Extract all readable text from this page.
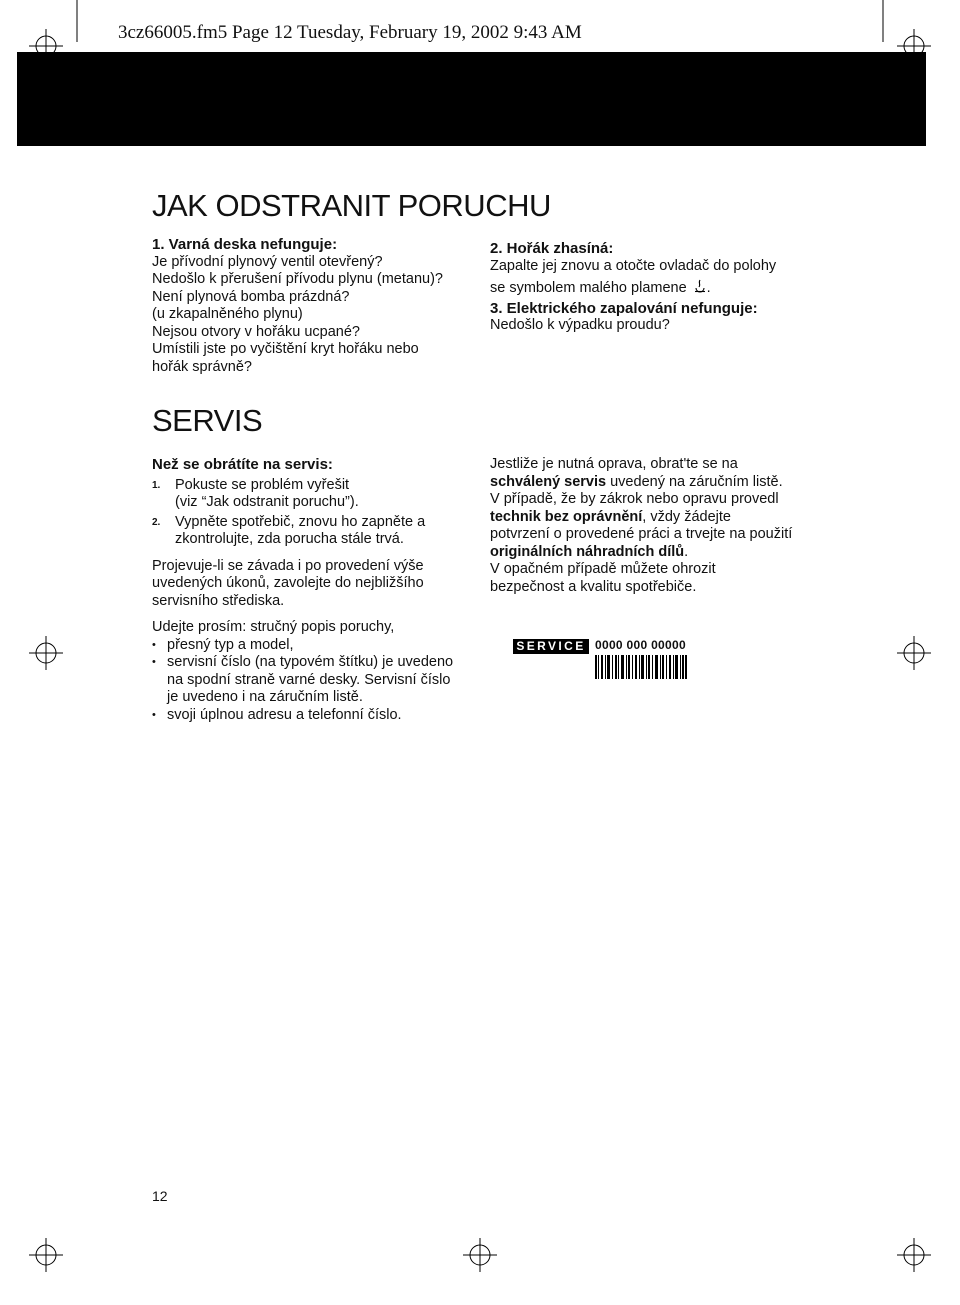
3cz66005.fm5 Page 12 Tuesday, February 19, 2002 9:43 AM
JAK ODSTRANIT PORUCHU

1. Varná deska nefunguje:

Je přívodní plynový ventil otevřený?

Nedošlo k přerušení přívodu plynu (metanu)?

Není plynová bomba prázdná?

(u zkapalněného plynu)

Nejsou otvory v hořáku ucpané?

Umístili jste po vyčištění kryt hořáku nebo

hořák správně?

2. Hořák zhasíná:

Zapalte jej znovu a otočte ovladač do polohy

se symbolem malého plamene .

3. Elektrického zapalování nefunguje:

Nedošlo k výpadku proudu?

SERVIS

Než se obrátíte na servis:

1. Pokuste se problém vyřešit

(viz “Jak odstranit poruchu”).

2. Vypněte spotřebič, znovu ho zapněte a

zkontrolujte, zda porucha stále trvá.

Projevuje-li se závada i po provedení výše

uvedených úkonů, zavolejte do nejbližšího

servisního střediska.

Udejte prosím: stručný popis poruchy,

• přesný typ a model,

• servisní číslo (na typovém štítku) je uvedeno

na spodní straně varné desky. Servisní číslo

je uvedeno i na záručním listě.

• svoji úplnou adresu a telefonní číslo.

Jestliže je nutná oprava, obrat'te se na

schválený servis uvedený na záručním listě.

V případě, že by zákrok nebo opravu provedl

technik bez oprávnění, vždy žádejte

potvrzení o provedené práci a trvejte na použití

originálních náhradních dílů.

V opačném případě můžete ohrozit

bezpečnost a kvalitu spotřebiče.

SERVICE 0000 000 00000
12
